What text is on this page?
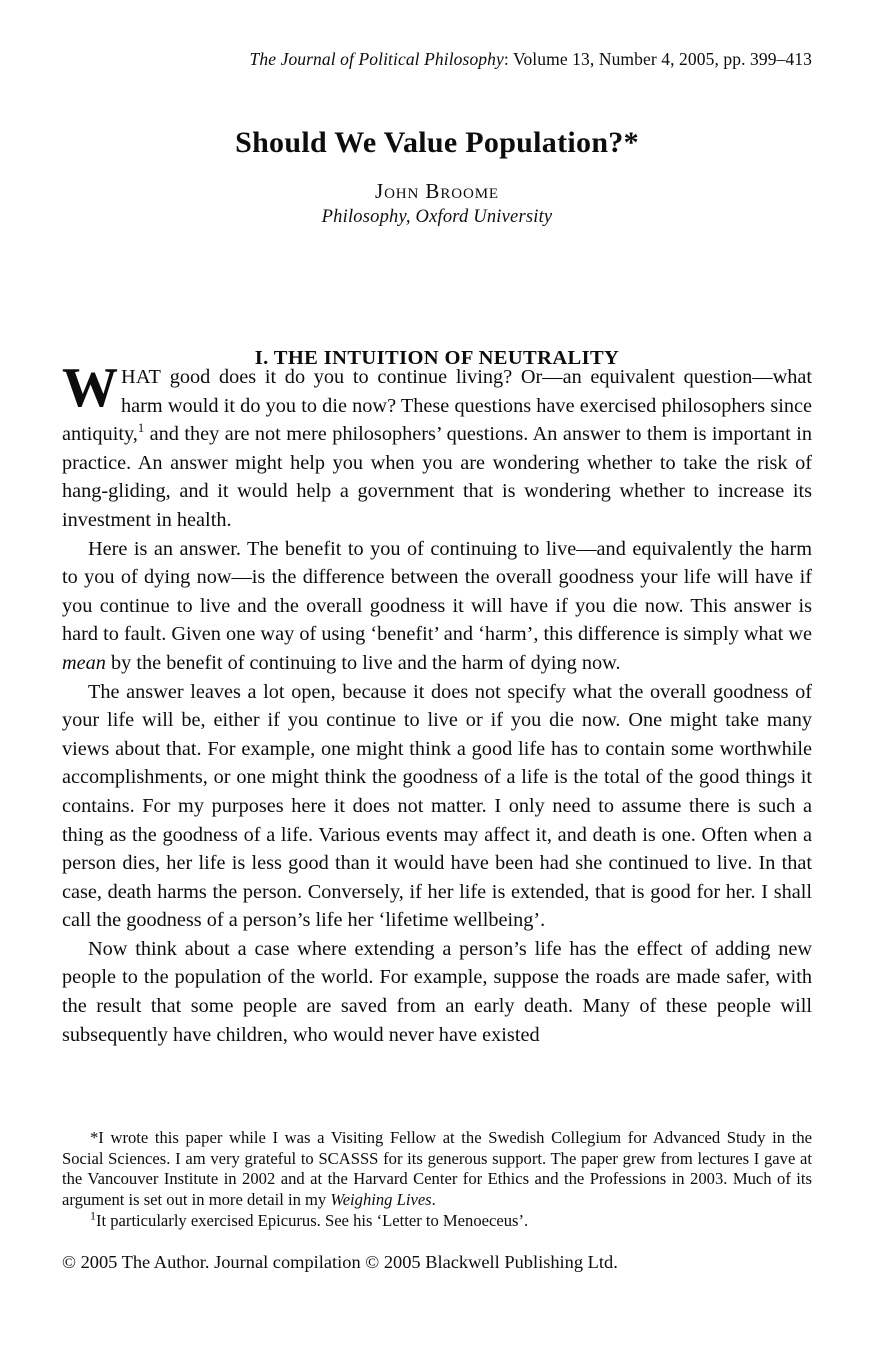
The Journal of Political Philosophy: Volume 13, Number 4, 2005, pp. 399–413
Should We Value Population?*
John Broome
Philosophy, Oxford University
I. THE INTUITION OF NEUTRALITY

WHAT good does it do you to continue living? Or—an equivalent question—what harm would it do you to die now? These questions have exercised philosophers since antiquity,$^1$ and they are not mere philosophers’ questions. An answer to them is important in practice. An answer might help you when you are wondering whether to take the risk of hang-gliding, and it would help a government that is wondering whether to increase its investment in health.

Here is an answer. The benefit to you of continuing to live—and equivalently the harm to you of dying now—is the difference between the overall goodness your life will have if you continue to live and the overall goodness it will have if you die now. This answer is hard to fault. Given one way of using ‘benefit’ and ‘harm’, this difference is simply what we mean by the benefit of continuing to live and the harm of dying now.

The answer leaves a lot open, because it does not specify what the overall goodness of your life will be, either if you continue to live or if you die now. One might take many views about that. For example, one might think a good life has to contain some worthwhile accomplishments, or one might think the goodness of a life is the total of the good things it contains. For my purposes here it does not matter. I only need to assume there is such a thing as the goodness of a life. Various events may affect it, and death is one. Often when a person dies, her life is less good than it would have been had she continued to live. In that case, death harms the person. Conversely, if her life is extended, that is good for her. I shall call the goodness of a person’s life her ‘lifetime wellbeing’.

Now think about a case where extending a person’s life has the effect of adding new people to the population of the world. For example, suppose the roads are made safer, with the result that some people are saved from an early death. Many of these people will subsequently have children, who would never have existed

*I wrote this paper while I was a Visiting Fellow at the Swedish Collegium for Advanced Study in the Social Sciences. I am very grateful to SCASSS for its generous support. The paper grew from lectures I gave at the Vancouver Institute in 2002 and at the Harvard Center for Ethics and the Professions in 2003. Much of its argument is set out in more detail in my Weighing Lives.

$^1$It particularly exercised Epicurus. See his ‘Letter to Menoeceus’.

© 2005 The Author. Journal compilation © 2005 Blackwell Publishing Ltd.
